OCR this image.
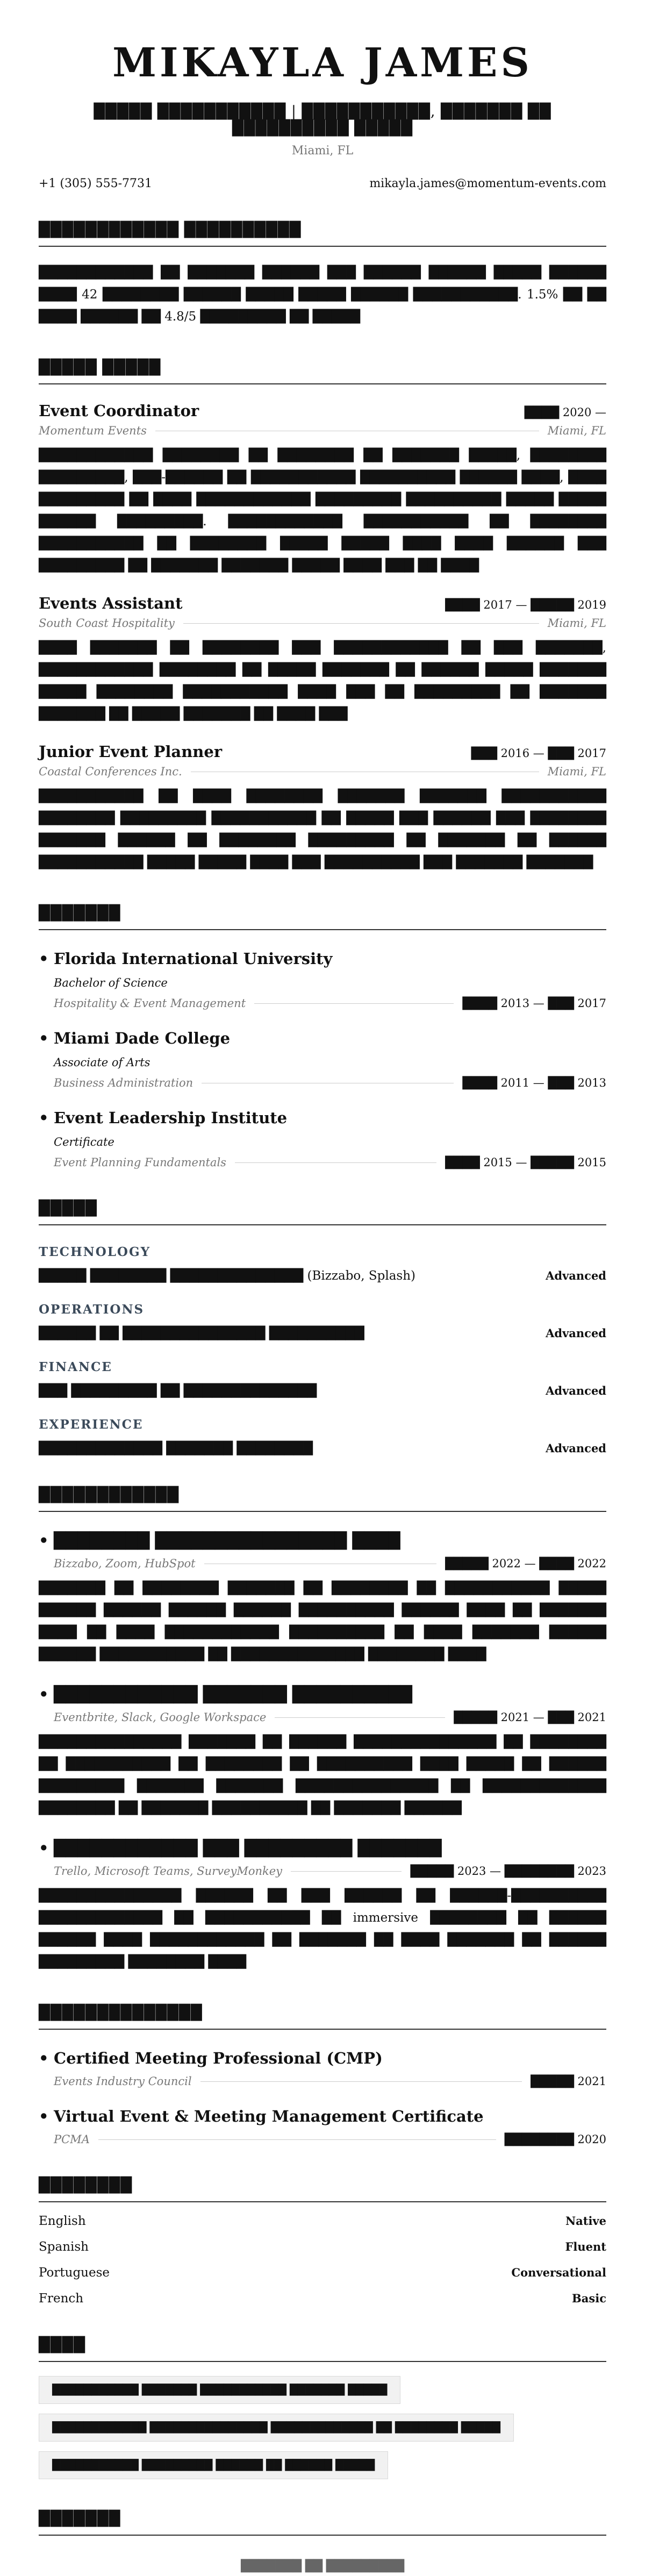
MIKAYLA JAMES
█████ ███████████ | ███████████, ███████ ██ ██████████ █████
Miami, FL
+1 (305) 555-7731	mikayla.james@momentum-events.com
████████████ ██████████
████████████ ██ ███████ ██████ ███ ██████ ██████ █████ ██████ ████ 42 ████████ ██████ █████ █████ ██████ ███████████. 1.5% ██ ██ ████ ██████ ██ 4.8/5 █████████ ██ █████
█████ █████
Event Coordinator	████ 2020 —
Momentum Events	Miami, FL
████████████ ████████ ██ ████████ ██ ███████ █████, ████████ █████████, ███-██████ ██ ███████████ ██████████ ██████ ████, ████ █████████ ██ ████ ████████████ █████████ ██████████ █████ █████ ██████ █████████. ████████████ ███████████ ██ ████████ ███████████ ██ ████████ █████ █████ ████ ████ ██████ ███ █████████ ██ ███████ ███████ █████ ████ ███ ██ ████
Events Assistant	████ 2017 — █████ 2019
South Coast Hospitality	Miami, FL
████ ███████ ██ ████████ ███ ████████████ ██ ███ ███████, ████████████ ████████ ██ █████ ███████ ██ ██████ █████ ███████ █████ ████████ ███████████ ████ ███ ██ █████████ ██ ███████ ███████ ██ █████ ███████ ██ ████ ███
Junior Event Planner	███ 2016 — ███ 2017
Coastal Conferences Inc.	Miami, FL
███████████ ██ ████ ████████ ███████ ███████ ███████████ ████████ █████████ ███████████ ██ █████ ███ ██████ ███ ████████ ███████ ██████ ██ ████████ █████████ ██ ███████ ██ ██████ ███████████ █████ █████ ████ ███ ██████████ ███ ███████ ███████
███████
• Florida International University
Bachelor of Science
Hospitality & Event Management	████ 2013 — ███ 2017
• Miami Dade College
Associate of Arts
Business Administration	████ 2011 — ███ 2013
• Event Leadership Institute
Certificate
Event Planning Fundamentals	████ 2015 — █████ 2015
█████
TECHNOLOGY
█████ ████████ ██████████████ (Bizzabo, Splash)	Advanced
OPERATIONS
██████ ██ ███████████████ ██████████	Advanced
FINANCE
███ █████████ ██ ██████████████	Advanced
EXPERIENCE
█████████████ ███████ ████████	Advanced
████████████
• ████████ ████████████████ ████
Bizzabo, Zoom, HubSpot	█████ 2022 — ████ 2022
███████ ██ ████████ ███████ ██ ████████ ██ ███████████ █████ ██████ ██████ ██████ ██████ ██████████ ██████ ████ ██ ███████ ████ ██ ████ ████████████ ██████████ ██ ████ ███████ ██████ ██████ ███████████ ██ ██████████████ ████████ ████
• ████████████ ███████ ██████████
Eventbrite, Slack, Google Workspace	█████ 2021 — ███ 2021
███████████████ ███████ ██ ██████ ███████████████ ██ ████████ ██ ███████████ ██ ████████ ██ ██████████ ████ █████ ██ ██████ █████████ ███████ ███████ ███████████████ ██ █████████████ ████████ ██ ███████ ██████████ ██ ███████ ██████
• ████████████ ███ █████████ ███████
Trello, Microsoft Teams, SurveyMonkey	█████ 2023 — ████████ 2023
███████████████ ██████ ██ ███ ██████ ██ ██████-██████████ █████████████ ██ ███████████ ██ immersive ████████ ██ ██████ ██████ ████ ████████████ ██ ███████ ██ ████ ███████ ██ ██████ █████████ ████████ ████
██████████████
• Certified Meeting Professional (CMP)
Events Industry Council	█████ 2021
• Virtual Event & Meeting Management Certificate
PCMA	████████ 2020
████████
English	Native
Spanish	Fluent
Portuguese	Conversational
French	Basic
████
███████████ ███████ ███████████ ███████ █████
████████████ ███████████████ █████████████ ██ ████████ █████
███████████ █████████ ██████ ██ ██████ █████
███████
███████ ██ █████████
